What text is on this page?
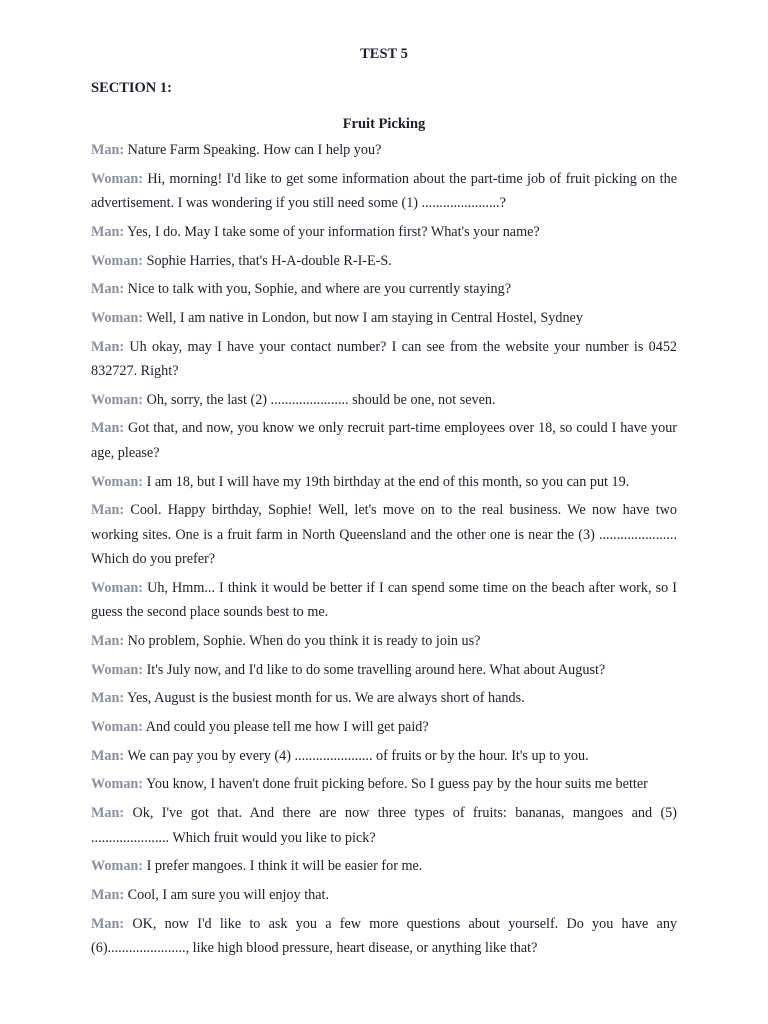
TEST 5
SECTION 1:
Fruit Picking

Man: Nature Farm Speaking. How can I help you?

Woman: Hi, morning! I'd like to get some information about the part-time job of fruit picking on the advertisement. I was wondering if you still need some (1) ......................?

Man: Yes, I do. May I take some of your information first? What's your name?

Woman: Sophie Harries, that's H-A-double R-I-E-S.

Man: Nice to talk with you, Sophie, and where are you currently staying?

Woman: Well, I am native in London, but now I am staying in Central Hostel, Sydney

Man: Uh okay, may I have your contact number? I can see from the website your number is 0452 832727. Right?

Woman: Oh, sorry, the last (2) ...................... should be one, not seven.

Man: Got that, and now, you know we only recruit part-time employees over 18, so could I have your age, please?

Woman: I am 18, but I will have my 19th birthday at the end of this month, so you can put 19.

Man: Cool. Happy birthday, Sophie! Well, let's move on to the real business. We now have two working sites. One is a fruit farm in North Queensland and the other one is near the (3) ...................... Which do you prefer?

Woman: Uh, Hmm... I think it would be better if I can spend some time on the beach after work, so I guess the second place sounds best to me.

Man: No problem, Sophie. When do you think it is ready to join us?

Woman: It's July now, and I'd like to do some travelling around here. What about August?

Man: Yes, August is the busiest month for us. We are always short of hands.

Woman: And could you please tell me how I will get paid?

Man: We can pay you by every (4) ...................... of fruits or by the hour. It's up to you.

Woman: You know, I haven't done fruit picking before. So I guess pay by the hour suits me better

Man: Ok, I've got that. And there are now three types of fruits: bananas, mangoes and (5) ...................... Which fruit would you like to pick?

Woman: I prefer mangoes. I think it will be easier for me.

Man: Cool, I am sure you will enjoy that.

Man: OK, now I'd like to ask you a few more questions about yourself. Do you have any (6)......................, like high blood pressure, heart disease, or anything like that?
